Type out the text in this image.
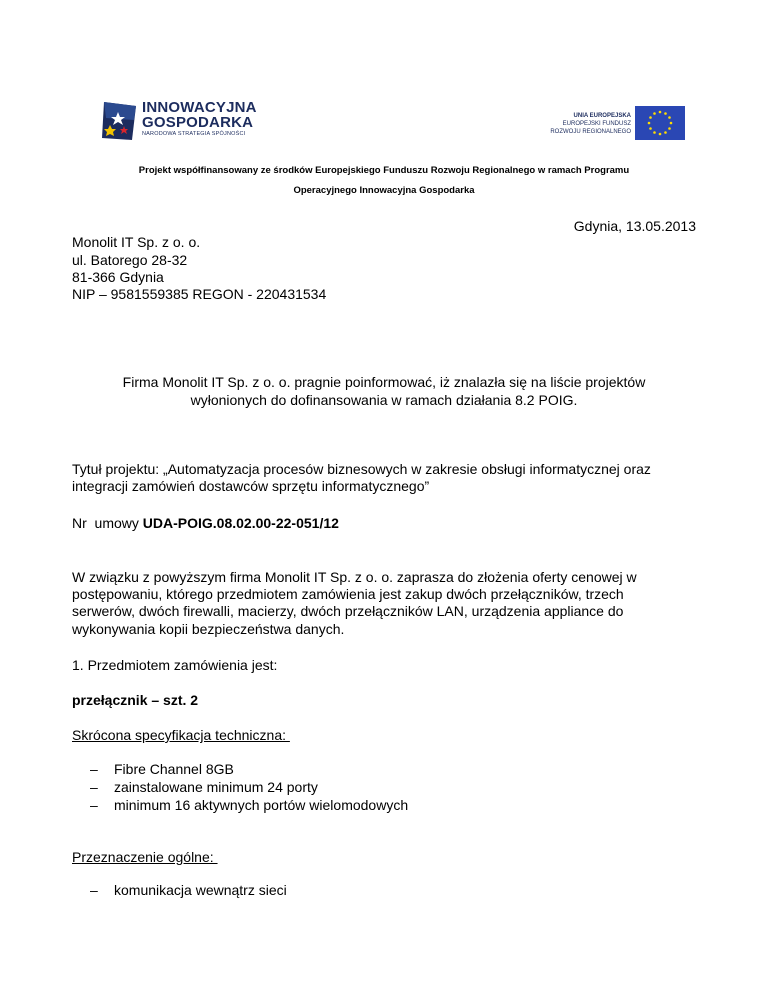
INNOWACYJNA
GOSPODARKA
NARODOWA STRATEGIA SPÓJNOŚCI
UNIA EUROPEJSKA
EUROPEJSKI FUNDUSZ
ROZWOJU REGIONALNEGO
Projekt współfinansowany ze środków Europejskiego Funduszu Rozwoju Regionalnego w ramach Programu
Operacyjnego Innowacyjna Gospodarka
Gdynia, 13.05.2013
Monolit IT Sp. z o. o.
ul. Batorego 28-32
81-366 Gdynia
NIP – 9581559385 REGON - 220431534
Firma Monolit IT Sp. z o. o. pragnie poinformować, iż znalazła się na liście projektów
wyłonionych do dofinansowania w ramach działania 8.2 POIG.
Tytuł projektu: „Automatyzacja procesów biznesowych w zakresie obsługi informatycznej oraz
integracji zamówień dostawców sprzętu informatycznego”
Nr  umowy UDA-POIG.08.02.00-22-051/12
W związku z powyższym firma Monolit IT Sp. z o. o. zaprasza do złożenia oferty cenowej w
postępowaniu, którego przedmiotem zamówienia jest zakup dwóch przełączników, trzech
serwerów, dwóch firewalli, macierzy, dwóch przełączników LAN, urządzenia appliance do
wykonywania kopii bezpieczeństwa danych.
1. Przedmiotem zamówienia jest:
przełącznik – szt. 2
Skrócona specyfikacja techniczna:
– Fibre Channel 8GB
– zainstalowane minimum 24 porty
– minimum 16 aktywnych portów wielomodowych
Przeznaczenie ogólne:
– komunikacja wewnątrz sieci
